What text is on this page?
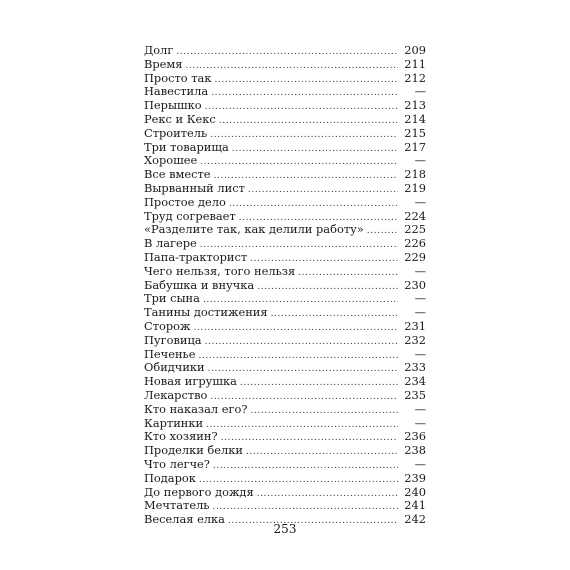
Долг .....	209
Время .....	211
Просто так .....	212
Навестила .....	—
Перышко .....	213
Рекс и Кекс .....	214
Строитель .....	215
Три товарища .....	217
Хорошее .....	—
Все вместе .....	218
Вырванный лист .....	219
Простое дело .....	—
Труд согревает .....	224
«Разделите так, как делили работу» .....	225
В лагере .....	226
Папа-тракторист .....	229
Чего нельзя, того нельзя .....	—
Бабушка и внучка .....	230
Три сына .....	—
Танины достижения .....	—
Сторож .....	231
Пуговица .....	232
Печенье .....	—
Обидчики .....	233
Новая игрушка .....	234
Лекарство .....	235
Кто наказал его? .....	—
Картинки .....	—
Кто хозяин? .....	236
Проделки белки .....	238
Что легче? .....	—
Подарок .....	239
До первого дождя .....	240
Мечтатель .....	241
Веселая елка .....	242
253
